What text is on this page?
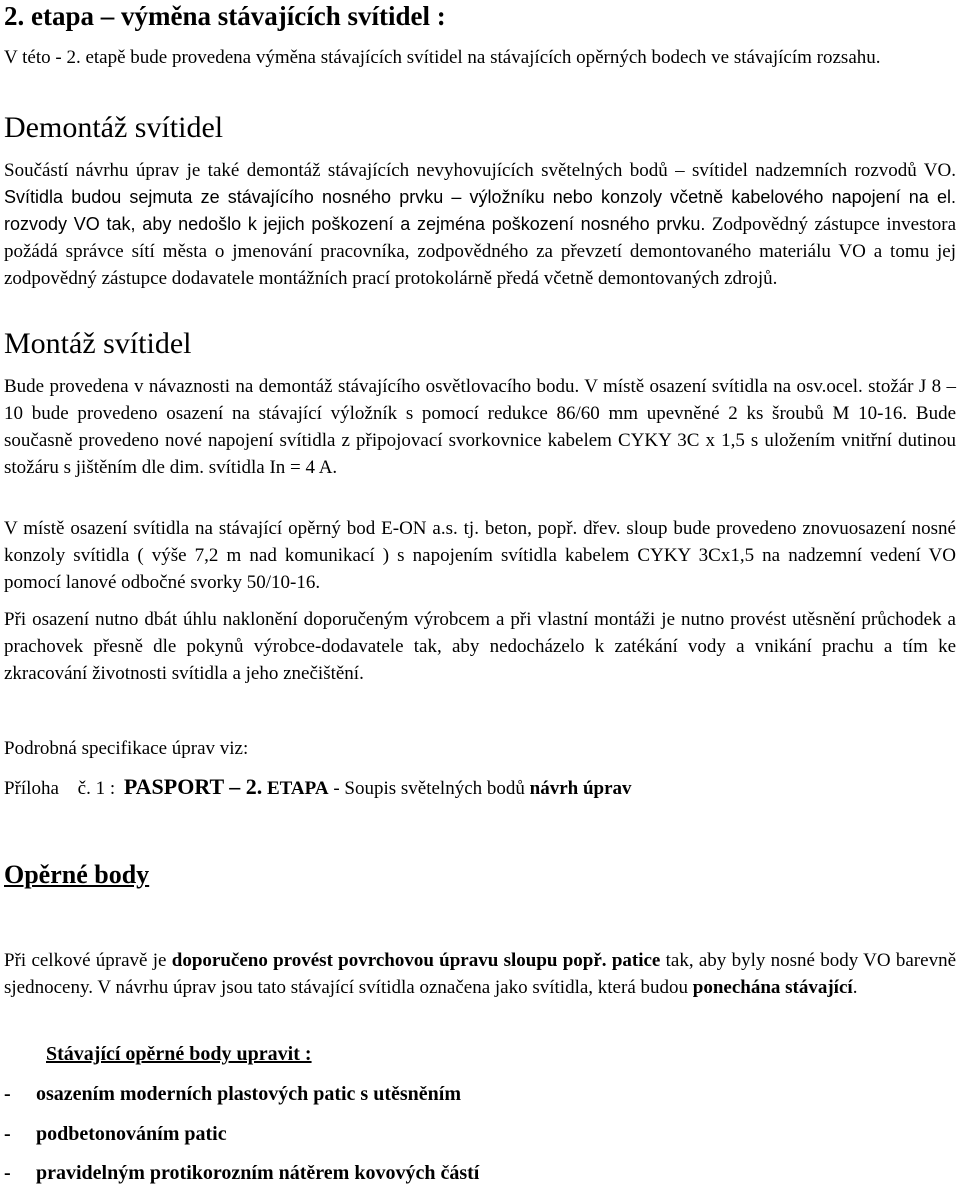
2. etapa – výměna stávajících svítidel :

V této - 2. etapě bude provedena výměna stávajících svítidel na stávajících opěrných bodech ve stávajícím rozsahu.

Demontáž svítidel

Součástí návrhu úprav je také demontáž stávajících nevyhovujících světelných bodů – svítidel nadzemních rozvodů VO. Svítidla budou sejmuta ze stávajícího nosného prvku – výložníku nebo konzoly včetně kabelového napojení na el. rozvody VO tak, aby nedošlo k jejich poškození a zejména poškození nosného prvku. Zodpovědný zástupce investora požádá správce sítí města o jmenování pracovníka, zodpovědného za převzetí demontovaného materiálu VO a tomu jej zodpovědný zástupce dodavatele montážních prací protokolárně předá včetně demontovaných zdrojů.

Montáž svítidel

Bude provedena v návaznosti na demontáž stávajícího osvětlovacího bodu. V místě osazení svítidla na osv.ocel. stožár J 8 – 10 bude provedeno osazení na stávající výložník s pomocí redukce 86/60 mm upevněné 2 ks šroubů M 10-16. Bude současně provedeno nové napojení svítidla z připojovací svorkovnice kabelem CYKY 3C x 1,5 s uložením vnitřní dutinou stožáru s jištěním dle dim. svítidla In = 4 A.

V místě osazení svítidla na stávající opěrný bod E-ON a.s. tj. beton, popř. dřev. sloup bude provedeno znovuosazení nosné konzoly svítidla ( výše 7,2 m nad komunikací ) s napojením svítidla kabelem CYKY 3Cx1,5 na nadzemní vedení VO pomocí lanové odbočné svorky 50/10-16.

Při osazení nutno dbát úhlu naklonění doporučeným výrobcem a při vlastní montáži je nutno provést utěsnění průchodek a prachovek přesně dle pokynů výrobce-dodavatele tak, aby nedocházelo k zatékání vody a vnikání prachu a tím ke zkracování životnosti svítidla a jeho znečištění.

Podrobná specifikace úprav viz:

Příloha č. 1 : PASPORT – 2. ETAPA - Soupis světelných bodů návrh úprav

Opěrné body

Při celkové úpravě je doporučeno provést povrchovou úpravu sloupu popř. patice tak, aby byly nosné body VO barevně sjednoceny. V návrhu úprav jsou tato stávající svítidla označena jako svítidla, která budou ponechána stávající.

Stávající opěrné body upravit :

-	osazením moderních plastových patic s utěsněním
-	podbetonováním patic
-	pravidelným protikorozním nátěrem kovových částí
